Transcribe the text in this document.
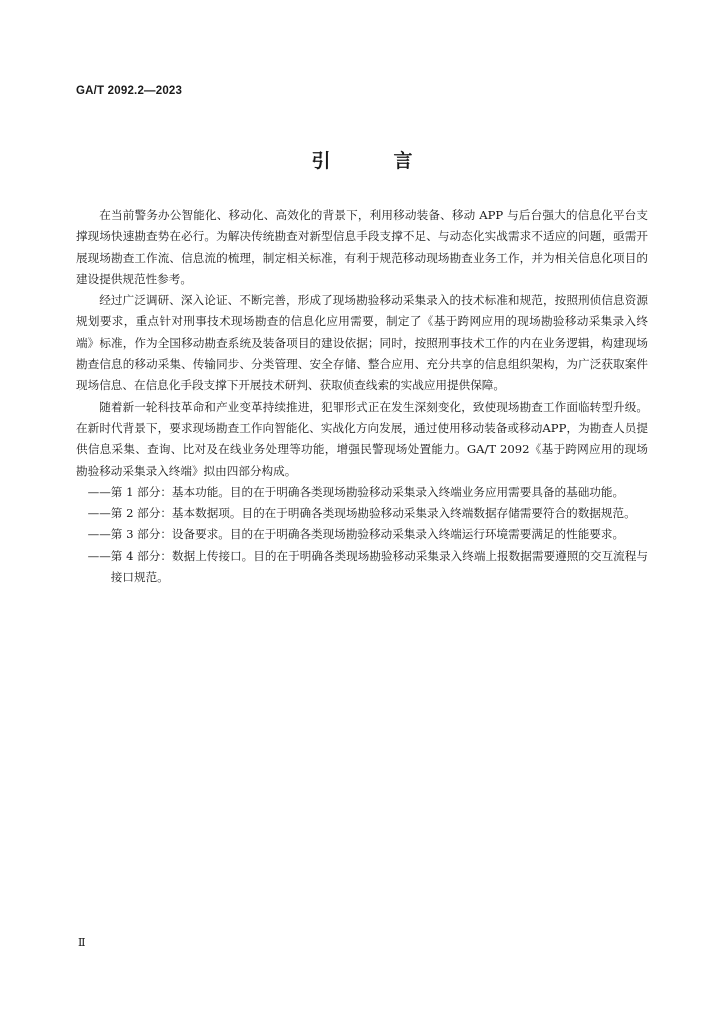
GA/T 2092.2—2023
引　言

在当前警务办公智能化、移动化、高效化的背景下，利用移动装备、移动 APP 与后台强大的信息化平台支撑现场快速勘查势在必行。为解决传统勘查对新型信息手段支撑不足、与动态化实战需求不适应的问题，亟需开展现场勘查工作流、信息流的梳理，制定相关标准，有利于规范移动现场勘查业务工作，并为相关信息化项目的建设提供规范性参考。

经过广泛调研、深入论证、不断完善，形成了现场勘验移动采集录入的技术标准和规范，按照刑侦信息资源规划要求，重点针对刑事技术现场勘查的信息化应用需要，制定了《基于跨网应用的现场勘验移动采集录入终端》标准，作为全国移动勘查系统及装备项目的建设依据；同时，按照刑事技术工作的内在业务逻辑，构建现场勘查信息的移动采集、传输同步、分类管理、安全存储、整合应用、充分共享的信息组织架构，为广泛获取案件现场信息、在信息化手段支撑下开展技术研判、获取侦查线索的实战应用提供保障。

随着新一轮科技革命和产业变革持续推进，犯罪形式正在发生深刻变化，致使现场勘查工作面临转型升级。在新时代背景下，要求现场勘查工作向智能化、实战化方向发展，通过使用移动装备或移动APP，为勘查人员提供信息采集、查询、比对及在线业务处理等功能，增强民警现场处置能力。GA/T 2092《基于跨网应用的现场勘验移动采集录入终端》拟由四部分构成。

—— 第 1 部分：基本功能。目的在于明确各类现场勘验移动采集录入终端业务应用需要具备的基础功能。
—— 第 2 部分：基本数据项。目的在于明确各类现场勘验移动采集录入终端数据存储需要符合的数据规范。
—— 第 3 部分：设备要求。目的在于明确各类现场勘验移动采集录入终端运行环境需要满足的性能要求。
—— 第 4 部分：数据上传接口。目的在于明确各类现场勘验移动采集录入终端上报数据需要遵照的交互流程与接口规范。
Ⅱ
